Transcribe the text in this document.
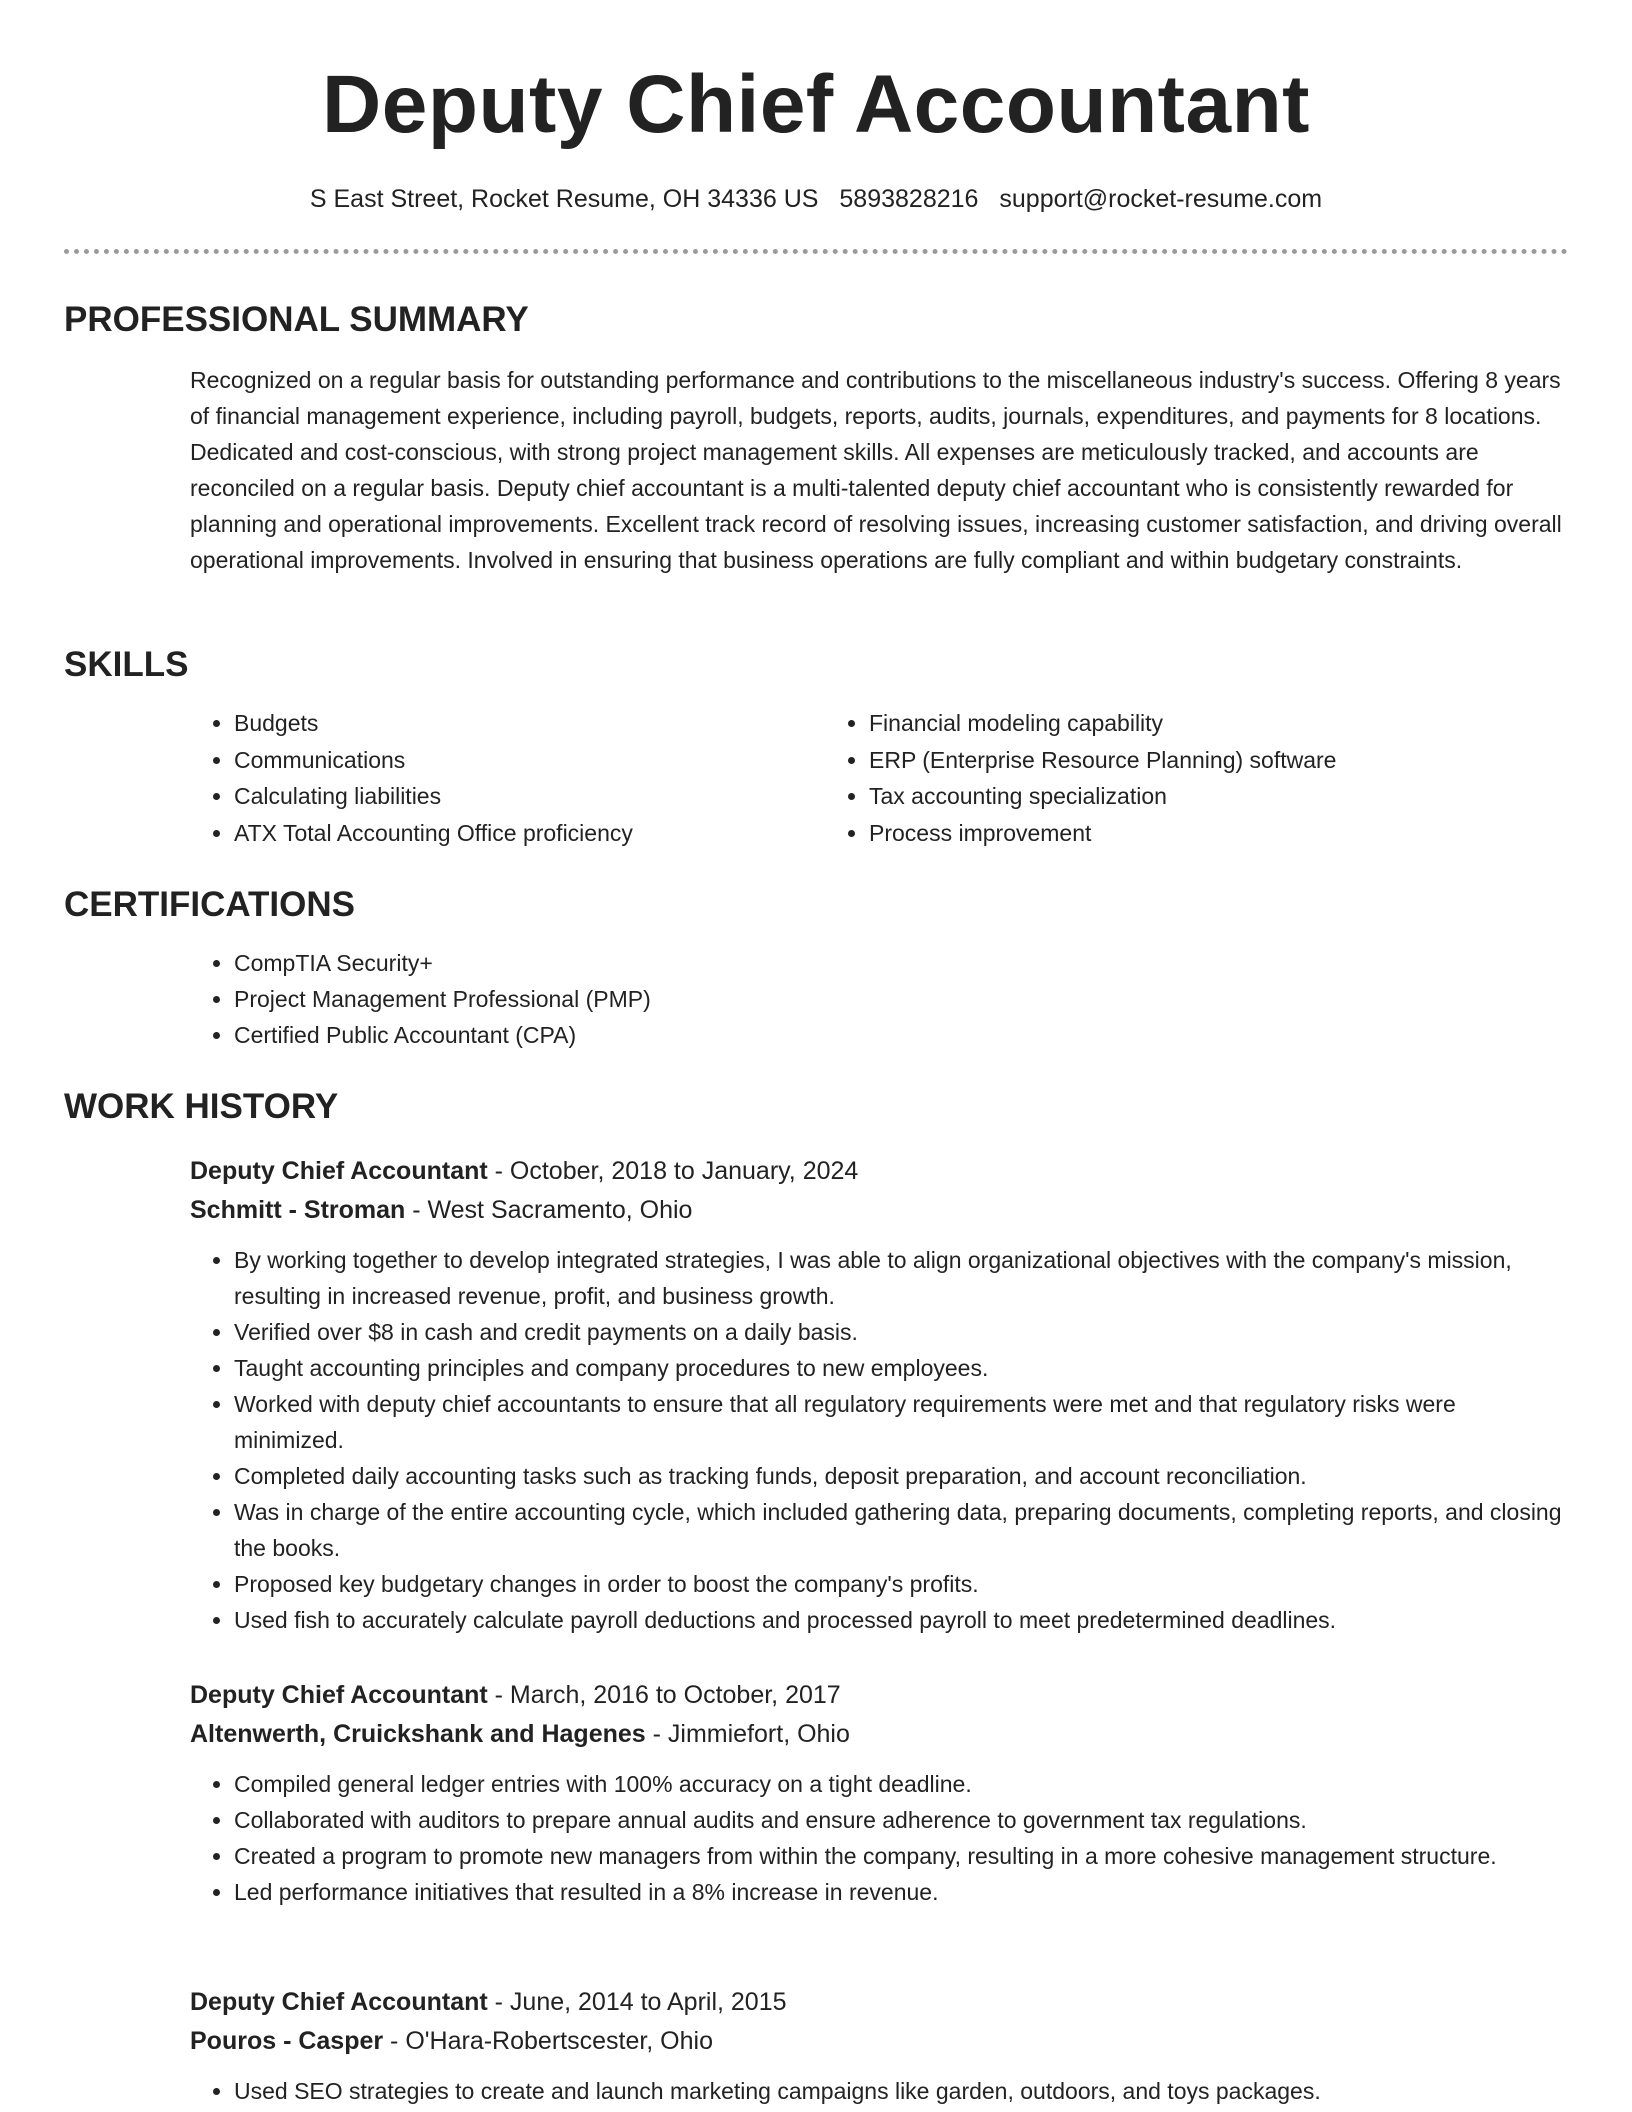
Deputy Chief Accountant
S East Street, Rocket Resume, OH 34336 US 5893828216 support@rocket-resume.com
PROFESSIONAL SUMMARY

Recognized on a regular basis for outstanding performance and contributions to the miscellaneous industry's success. Offering 8 years of financial management experience, including payroll, budgets, reports, audits, journals, expenditures, and payments for 8 locations. Dedicated and cost-conscious, with strong project management skills. All expenses are meticulously tracked, and accounts are reconciled on a regular basis. Deputy chief accountant is a multi-talented deputy chief accountant who is consistently rewarded for planning and operational improvements. Excellent track record of resolving issues, increasing customer satisfaction, and driving overall operational improvements. Involved in ensuring that business operations are fully compliant and within budgetary constraints.

SKILLS
• Budgets
• Communications
• Calculating liabilities
• ATX Total Accounting Office proficiency
• Financial modeling capability
• ERP (Enterprise Resource Planning) software
• Tax accounting specialization
• Process improvement
CERTIFICATIONS
• CompTIA Security+
• Project Management Professional (PMP)
• Certified Public Accountant (CPA)
WORK HISTORY
Deputy Chief Accountant - October, 2018 to January, 2024
Schmitt - Stroman - West Sacramento, Ohio
• By working together to develop integrated strategies, I was able to align organizational objectives with the company's mission, resulting in increased revenue, profit, and business growth.
• Verified over $8 in cash and credit payments on a daily basis.
• Taught accounting principles and company procedures to new employees.
• Worked with deputy chief accountants to ensure that all regulatory requirements were met and that regulatory risks were minimized.
• Completed daily accounting tasks such as tracking funds, deposit preparation, and account reconciliation.
• Was in charge of the entire accounting cycle, which included gathering data, preparing documents, completing reports, and closing the books.
• Proposed key budgetary changes in order to boost the company's profits.
• Used fish to accurately calculate payroll deductions and processed payroll to meet predetermined deadlines.
Deputy Chief Accountant - March, 2016 to October, 2017
Altenwerth, Cruickshank and Hagenes - Jimmiefort, Ohio
• Compiled general ledger entries with 100% accuracy on a tight deadline.
• Collaborated with auditors to prepare annual audits and ensure adherence to government tax regulations.
• Created a program to promote new managers from within the company, resulting in a more cohesive management structure.
• Led performance initiatives that resulted in a 8% increase in revenue.
Deputy Chief Accountant - June, 2014 to April, 2015
Pouros - Casper - O'Hara-Robertscester, Ohio
• Used SEO strategies to create and launch marketing campaigns like garden, outdoors, and toys packages.
